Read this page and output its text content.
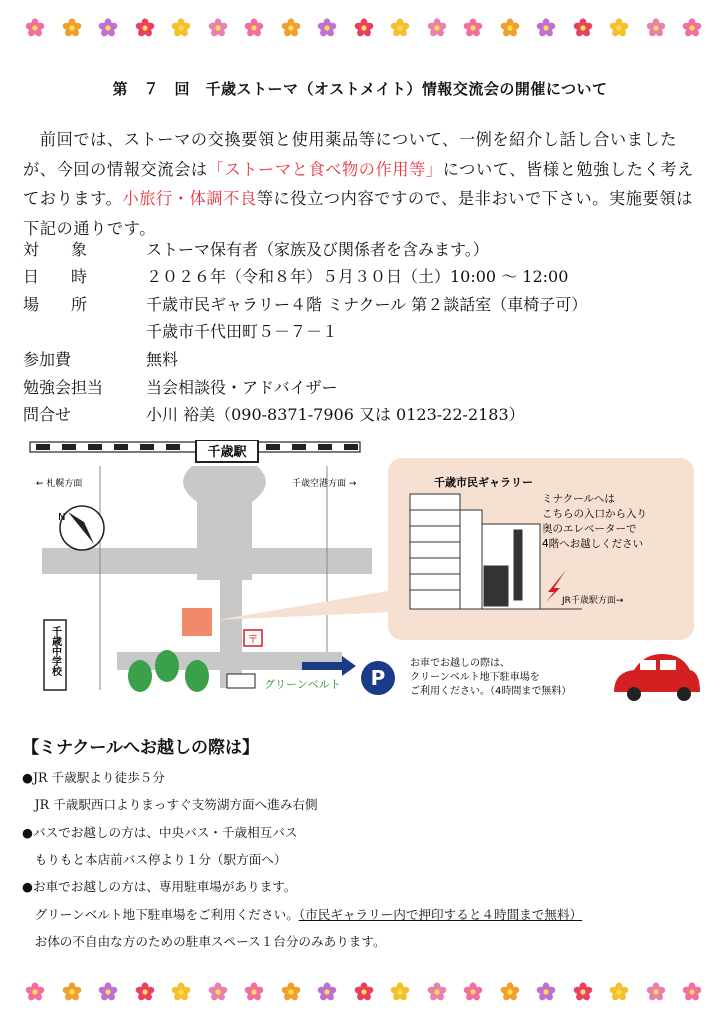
第　７　回　千歳ストーマ（オストメイト）情報交流会の開催について
　前回では、ストーマの交換要領と使用薬品等について、一例を紹介し話し合いましたが、今回の情報交流会は「ストーマと食べ物の作用等」について、皆様と勉強したく考えております。小旅行・体調不良等に役立つ内容ですので、是非おいで下さい。実施要領は下記の通りです。
対　　象	ストーマ保有者（家族及び関係者を含みます。）
日　　時	２０２６年（令和８年）５月３０日（土）10:00 ～ 12:00
場　　所	千歳市民ギャラリー４階 ミナクール 第２談話室（車椅子可）
千歳市千代田町５－７－１
参加費	無料
勉強会担当	当会相談役・アドバイザー
問合せ	小川 裕美（090-8371-7906 又は 0123-22-2183）
千歳駅
← 札幌方面	千歳空港方面 →
N
千歳中学校	〒
グリーンベルト P
お車でお越しの際は、
クリーンベルト地下駐車場を
ご利用ください。（4時間まで無料）
千歳市民ギャラリー
ミナクールへは
こちらの入口から入り
奥のエレベーターで
4階へお越しください
JR千歳駅方面→
【ミナクールへお越しの際は】
●JR 千歳駅より徒歩５分
　JR 千歳駅西口よりまっすぐ支笏湖方面へ進み右側
●バスでお越しの方は、中央バス・千歳相互バス
　もりもと本店前バス停より１分（駅方面へ）
●お車でお越しの方は、専用駐車場があります。
　グリーンベルト地下駐車場をご利用ください。（市民ギャラリー内で押印すると４時間まで無料）
　お体の不自由な方のための駐車スペース１台分のみあります。
